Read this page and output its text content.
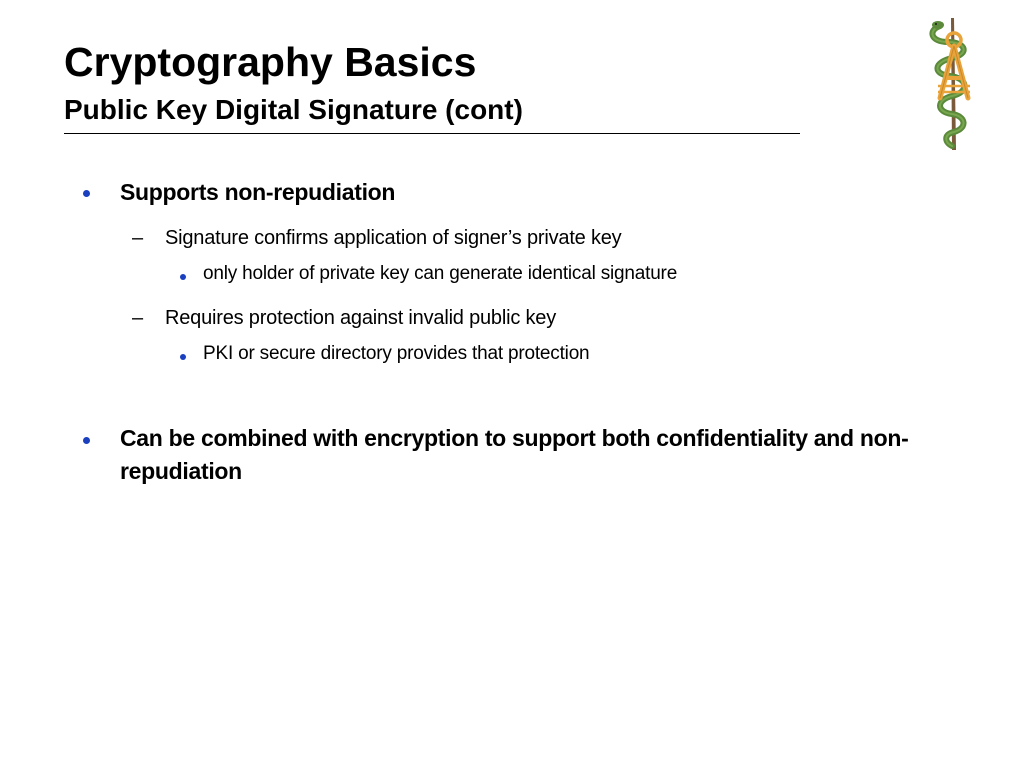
Cryptography Basics
Public Key Digital Signature (cont)
Supports non-repudiation
– Signature confirms application of signer’s private key
only holder of private key can generate identical signature
– Requires protection against invalid public key
PKI or secure directory provides that protection
Can be combined with encryption to support both confidentiality and non-repudiation
